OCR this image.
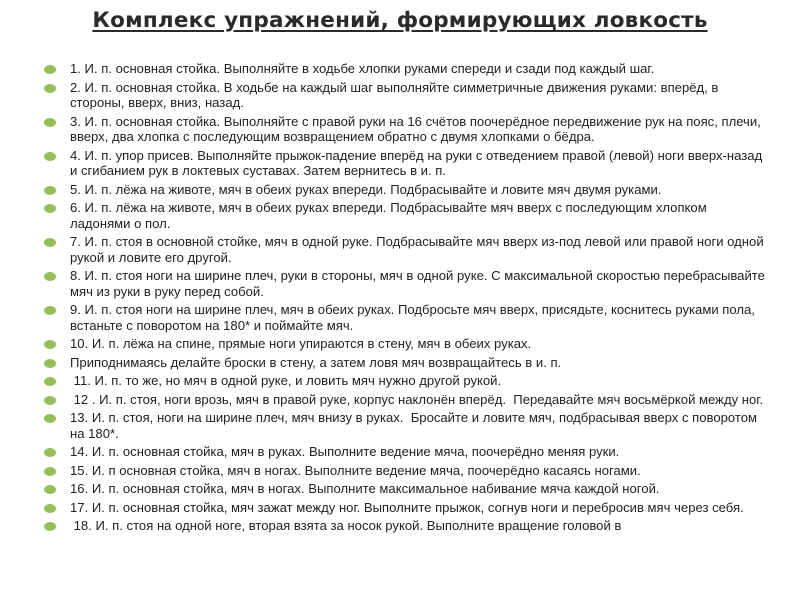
Комплекс упражнений, формирующих ловкость
1. И. п. основная стойка. Выполняйте в ходьбе хлопки руками спереди и сзади под каждый шаг.
2. И. п. основная стойка. В ходьбе на каждый шаг выполняйте симметричные движения руками: вперёд, в стороны, вверх, вниз, назад.
3. И. п. основная стойка. Выполняйте с правой руки на 16 счётов поочерёдное передвижение рук на пояс, плечи, вверх, два хлопка с последующим возвращением обратно с двумя хлопками о бёдра.
4. И. п. упор присев. Выполняйте прыжок-падение вперёд на руки с отведением правой (левой) ноги вверх-назад и сгибанием рук в локтевых суставах. Затем вернитесь в и. п.
5. И. п. лёжа на животе, мяч в обеих руках впереди. Подбрасывайте и ловите мяч двумя руками.
6. И. п. лёжа на животе, мяч в обеих руках впереди. Подбрасывайте мяч вверх с последующим хлопком ладонями о пол.
7. И. п. стоя в основной стойке, мяч в одной руке. Подбрасывайте мяч вверх из-под левой или правой ноги одной рукой и ловите его другой.
8. И. п. стоя ноги на ширине плеч, руки в стороны, мяч в одной руке. С максимальной скоростью перебрасывайте мяч из руки в руку перед собой.
9. И. п. стоя ноги на ширине плеч, мяч в обеих руках. Подбросьте мяч вверх, присядьте, коснитесь руками пола, встаньте с поворотом на 180* и поймайте мяч.
10. И. п. лёжа на спине, прямые ноги упираются в стену, мяч в обеих руках.
Приподнимаясь делайте броски в стену, а затем ловя мяч возвращайтесь в и. п.
11. И. п. то же, но мяч в одной руке, и ловить мяч нужно другой рукой.
12 . И. п. стоя, ноги врозь, мяч в правой руке, корпус наклонён вперёд.  Передавайте мяч восьмёркой между ног.
13. И. п. стоя, ноги на ширине плеч, мяч внизу в руках.  Бросайте и ловите мяч, подбрасывая вверх с поворотом на 180*.
14. И. п. основная стойка, мяч в руках. Выполните ведение мяча, поочерёдно меняя руки.
15. И. п основная стойка, мяч в ногах. Выполните ведение мяча, поочерёдно касаясь ногами.
16. И. п. основная стойка, мяч в ногах. Выполните максимальное набивание мяча каждой ногой.
17. И. п. основная стойка, мяч зажат между ног. Выполните прыжок, согнув ноги и перебросив мяч через себя.
18. И. п. стоя на одной ноге, вторая взята за носок рукой. Выполните вращение головой в
